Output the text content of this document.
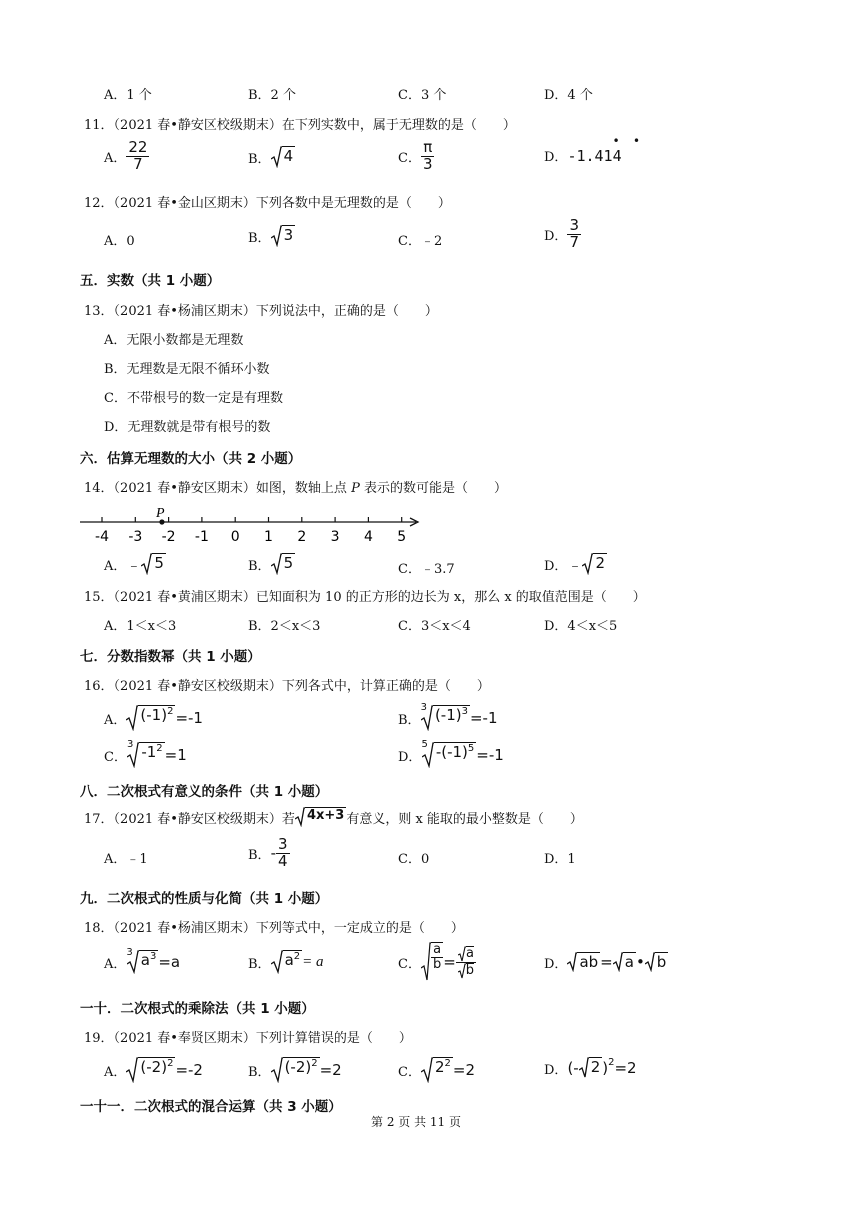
A．1 个	B．2 个	C．3 个	D．4 个
11．（2021 春•静安区校级期末）在下列实数中，属于无理数的是（　　）
A． $\frac{22}{7}$	B． 4	C． $\frac{\pi}{3}$	D． -1.414
• •
12．（2021 春•金山区期末）下列各数中是无理数的是（　　）
A．0	B． 3	C．﹣2	D． $\frac{3}{7}$
五．实数（共 1 小题）
13．（2021 春•杨浦区期末）下列说法中，正确的是（　　）
A．无限小数都是无理数
B．无理数是无限不循环小数
C．不带根号的数一定是有理数
D．无理数就是带有根号的数
六．估算无理数的大小（共 2 小题）
14．（2021 春•静安区期末）如图，数轴上点 P 表示的数可能是（　　）
-4 -3 -2 -1 0 1 2 3 4 5
P
A． ﹣ 5	B． 5	C．﹣3.7	D． ﹣ 2
15．（2021 春•黄浦区期末）已知面积为 10 的正方形的边长为 x，那么 x 的取值范围是（　　）
A．1＜x＜3	B．2＜x＜3	C．3＜x＜4	D．4＜x＜5
七．分数指数幂（共 1 小题）
16．（2021 春•静安区校级期末）下列各式中，计算正确的是（　　）
A． $(-1)^2 =-1$	B．
3 $(-1)^3 =-1$
C．
3 $-1^2 =1$	D．
5 $-(-1)^5 =-1$
八．二次根式有意义的条件（共 1 小题）
17．（2021 春•静安区校级期末）若 4x+3 有意义，则 x 能取的最小整数是（　　）
A．﹣1	B． - $\frac{3}{4}$	C．0	D．1
九．二次根式的性质与化简（共 1 小题）
18．（2021 春•杨浦区期末）下列等式中，一定成立的是（　　）
A．
3 $a^3 =a$	B． $a^2 = a$	C． $\frac{a}{b} = \frac{a}{b}$	D． ab = a • b
一十．二次根式的乘除法（共 1 小题）
19．（2021 春•奉贤区期末）下列计算错误的是（　　）
A． $(-2)^2 =-2$	B． $(-2)^2 =2$	C． $2^2 =2$	D． (- 2 )$^2$ =2
一十一．二次根式的混合运算（共 3 小题）
第 2 页 共 11 页
